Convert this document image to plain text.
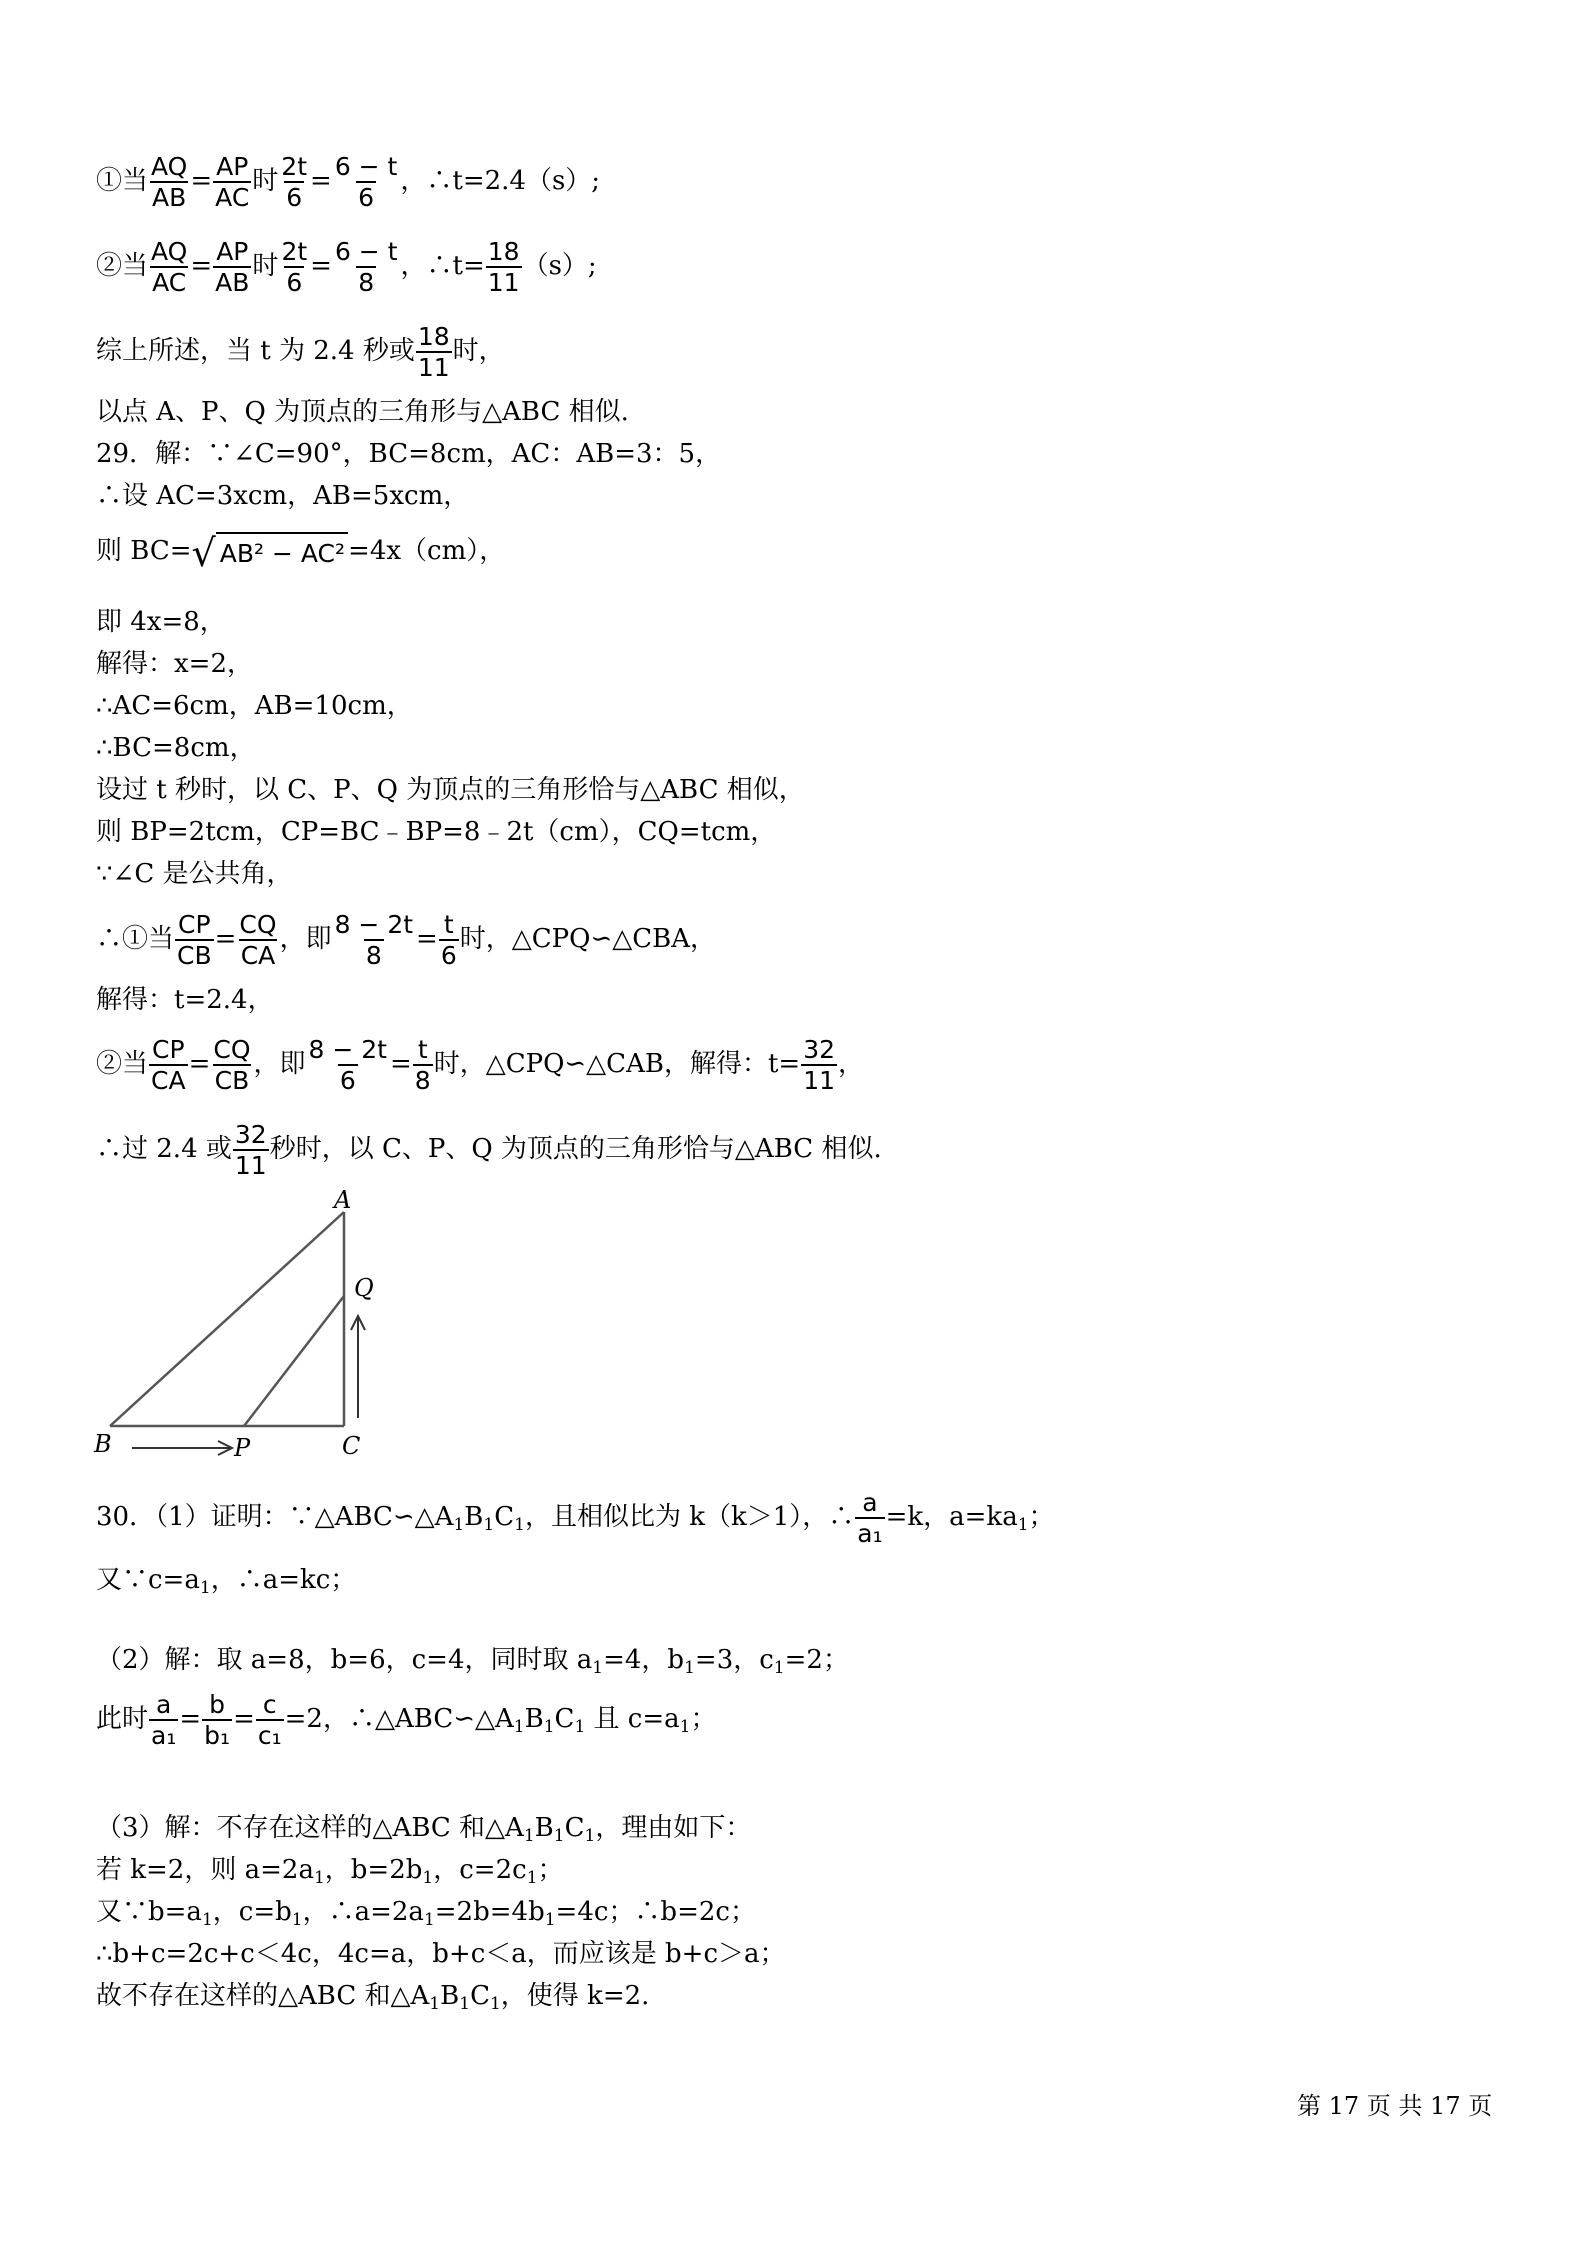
①当 $\frac{AQ}{AB} = \frac{AP}{AC}$ 时 $\frac{2t}{6} = \frac{6 - t}{6}$ ，∴t=2.4（s）;
②当 $\frac{AQ}{AC} = \frac{AP}{AB}$ 时 $\frac{2t}{6} = \frac{6 - t}{8}$ ，∴t= $\frac{18}{11} (s)$;
综上所述，当 t 为 2.4 秒或 $\frac{18}{11}$ 时，
以点 A、P、Q 为顶点的三角形与△ABC 相似.
29．解：∵∠C=90°，BC=8cm，AC：AB=3：5，
∴设 AC=3xcm，AB=5xcm，
则 BC=√ AB² − AC² =4x（cm），
即 4x=8，
解得：x=2，
∴AC=6cm，AB=10cm，
∴BC=8cm，
设过 t 秒时，以 C、P、Q 为顶点的三角形恰与△ABC 相似，
则 BP=2tcm，CP=BC﹣BP=8﹣2t（cm），CQ=tcm，
∵∠C 是公共角，
∴①当 $\frac{CP}{CB} = \frac{CQ}{CA}$ ，即 $\frac{8 - 2t}{8} = \frac{t}{6}$ 时，△CPQ∽△CBA，
解得：t=2.4，
②当 $\frac{CP}{CA} = \frac{CQ}{CB}$ ，即 $\frac{8 - 2t}{6} = \frac{t}{8}$ 时，△CPQ∽△CAB，解得：$t= \frac{32}{11}$ ，
∴过 2.4 或 $\frac{32}{11}$ 秒时，以 C、P、Q 为顶点的三角形恰与△ABC 相似.
A
Q
B	P	C
30．（1）证明：$\because\triangle ABC∽\triangle A_1B_1C_1$，且相似比为 k（k＞1），∴ $\frac{a}{\text{a₁}} =k$，$a=ka_1$；
又$\because c=a_1$，∴a=kc；
（2）解：取 a=8，b=6，c=4，同时取 $a_1=4$，$b_1=3$，$c_1=2$；
此时 $\frac{a}{\text{a₁}} = \frac{b}{\text{b₁}} = \frac{c}{\text{c₁}} =2$，$\therefore\triangle ABC∽\triangle A_1B_1C_1$ 且 $c=a_1$；
（3）解：不存在这样的△ABC 和$\triangle A_1B_1C_1$，理由如下：
若 k=2，则 $a=2a_1$，$b=2b_1$，$c=2c_1$；
又$\because b=a_1$，$c=b_1$，$\therefore a=2a_1=2b=4b_1=4c$；∴b=2c；
∴b+c=2c+c＜4c，4c=a，b+c＜a，而应该是 b+c＞a；
故不存在这样的△ABC 和$\triangle A_1B_1C_1$，使得 k=2.
第 17 页 共 17 页
